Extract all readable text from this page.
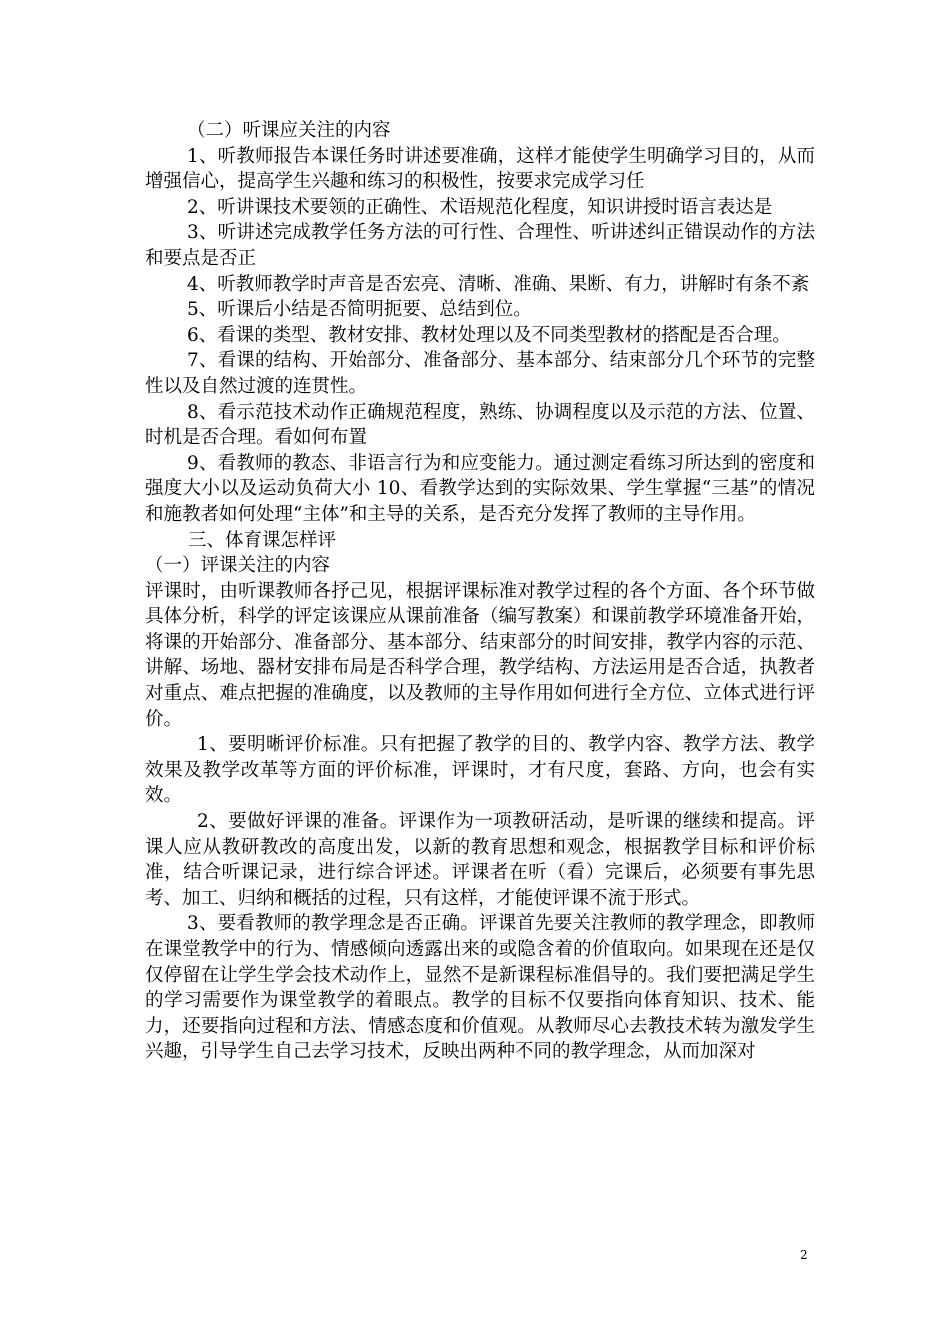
（二）听课应关注的内容

1、听教师报告本课任务时讲述要准确，这样才能使学生明确学习目的，从而增强信心，提高学生兴趣和练习的积极性，按要求完成学习任

2、听讲课技术要领的正确性、术语规范化程度，知识讲授时语言表达是

3、听讲述完成教学任务方法的可行性、合理性、听讲述纠正错误动作的方法和要点是否正

4、听教师教学时声音是否宏亮、清晰、准确、果断、有力，讲解时有条不紊

5、听课后小结是否简明扼要、总结到位。

6、看课的类型、教材安排、教材处理以及不同类型教材的搭配是否合理。

7、看课的结构、开始部分、准备部分、基本部分、结束部分几个环节的完整性以及自然过渡的连贯性。

8、看示范技术动作正确规范程度，熟练、协调程度以及示范的方法、位置、时机是否合理。看如何布置

9、看教师的教态、非语言行为和应变能力。通过测定看练习所达到的密度和强度大小以及运动负荷大小 10、看教学达到的实际效果、学生掌握“三基”的情况和施教者如何处理“主体”和主导的关系，是否充分发挥了教师的主导作用。

三、体育课怎样评

（一）评课关注的内容

评课时，由听课教师各抒己见，根据评课标准对教学过程的各个方面、各个环节做具体分析，科学的评定该课应从课前准备（编写教案）和课前教学环境准备开始，将课的开始部分、准备部分、基本部分、结束部分的时间安排，教学内容的示范、讲解、场地、器材安排布局是否科学合理，教学结构、方法运用是否合适，执教者对重点、难点把握的准确度，以及教师的主导作用如何进行全方位、立体式进行评价。

1、要明晰评价标准。只有把握了教学的目的、教学内容、教学方法、教学效果及教学改革等方面的评价标准，评课时，才有尺度，套路、方向，也会有实效。

2、要做好评课的准备。评课作为一项教研活动，是听课的继续和提高。评课人应从教研教改的高度出发，以新的教育思想和观念，根据教学目标和评价标准，结合听课记录，进行综合评述。评课者在听（看）完课后，必须要有事先思考、加工、归纳和概括的过程，只有这样，才能使评课不流于形式。

3、要看教师的教学理念是否正确。评课首先要关注教师的教学理念，即教师在课堂教学中的行为、情感倾向透露出来的或隐含着的价值取向。如果现在还是仅仅停留在让学生学会技术动作上，显然不是新课程标准倡导的。我们要把满足学生的学习需要作为课堂教学的着眼点。教学的目标不仅要指向体育知识、技术、能力，还要指向过程和方法、情感态度和价值观。从教师尽心去教技术转为激发学生兴趣，引导学生自己去学习技术，反映出两种不同的教学理念，从而加深对

2
